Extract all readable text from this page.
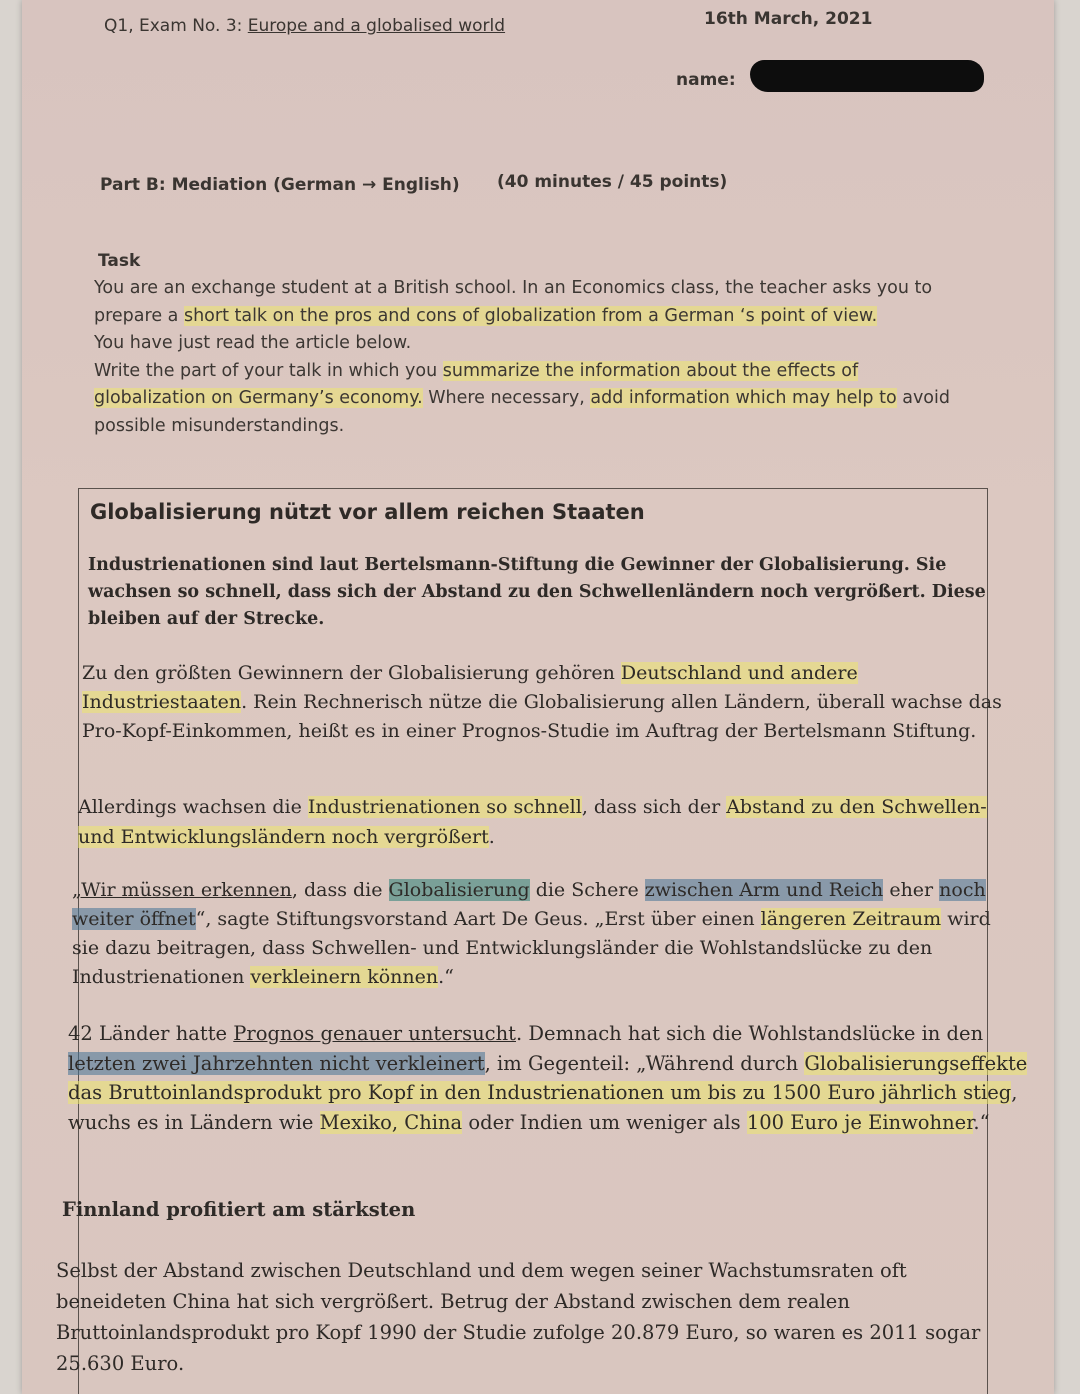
Q1, Exam No. 3: Europe and a globalised world	16th March, 2021
name:
Part B: Mediation (German → English) (40 minutes / 45 points)
Task

You are an exchange student at a British school. In an Economics class, the teacher asks you to prepare a short talk on the pros and cons of globalization from a German ‘s point of view.

You have just read the article below.

Write the part of your talk in which you summarize the information about the effects of globalization on Germany’s economy. Where necessary, add information which may help to avoid possible misunderstandings.

Globalisierung nützt vor allem reichen Staaten

Industrienationen sind laut Bertelsmann-Stiftung die Gewinner der Globalisierung. Sie wachsen so schnell, dass sich der Abstand zu den Schwellenländern noch vergrößert. Diese bleiben auf der Strecke.

Zu den größten Gewinnern der Globalisierung gehören Deutschland und andere Industriestaaten. Rein Rechnerisch nütze die Globalisierung allen Ländern, überall wachse das Pro-Kopf-Einkommen, heißt es in einer Prognos-Studie im Auftrag der Bertelsmann Stiftung.

Allerdings wachsen die Industrienationen so schnell, dass sich der Abstand zu den Schwellen- und Entwicklungsländern noch vergrößert.

„Wir müssen erkennen, dass die Globalisierung die Schere zwischen Arm und Reich eher noch weiter öffnet“, sagte Stiftungsvorstand Aart De Geus. „Erst über einen längeren Zeitraum wird sie dazu beitragen, dass Schwellen- und Entwicklungsländer die Wohlstandslücke zu den Industrienationen verkleinern können.“

42 Länder hatte Prognos genauer untersucht. Demnach hat sich die Wohlstandslücke in den letzten zwei Jahrzehnten nicht verkleinert, im Gegenteil: „Während durch Globalisierungseffekte das Bruttoinlandsprodukt pro Kopf in den Industrienationen um bis zu 1500 Euro jährlich stieg, wuchs es in Ländern wie Mexiko, China oder Indien um weniger als 100 Euro je Einwohner.“

Finnland profitiert am stärksten

Selbst der Abstand zwischen Deutschland und dem wegen seiner Wachstumsraten oft beneideten China hat sich vergrößert. Betrug der Abstand zwischen dem realen Bruttoinlandsprodukt pro Kopf 1990 der Studie zufolge 20.879 Euro, so waren es 2011 sogar 25.630 Euro.
